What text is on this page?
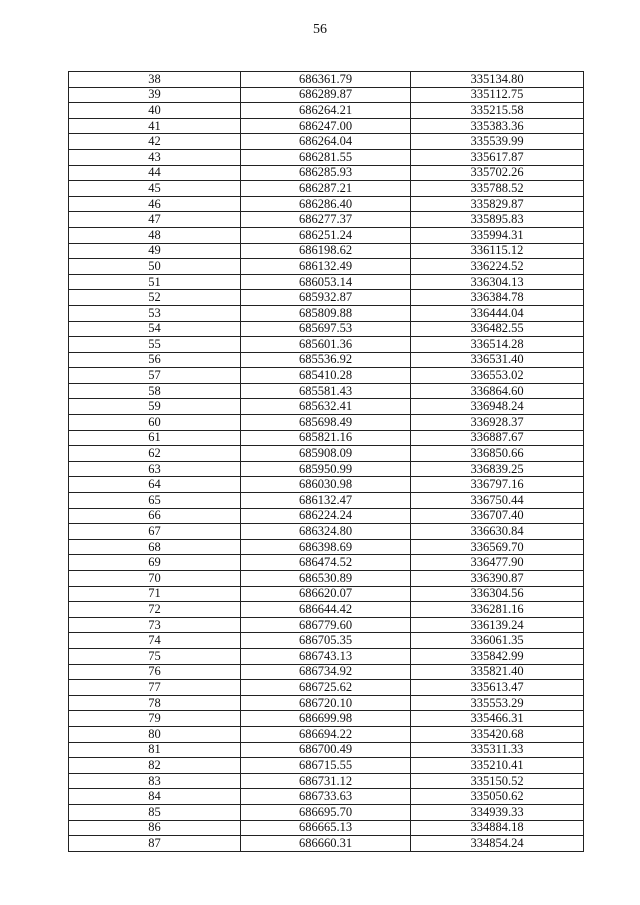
56
38	686361.79	335134.80
39	686289.87	335112.75
40	686264.21	335215.58
41	686247.00	335383.36
42	686264.04	335539.99
43	686281.55	335617.87
44	686285.93	335702.26
45	686287.21	335788.52
46	686286.40	335829.87
47	686277.37	335895.83
48	686251.24	335994.31
49	686198.62	336115.12
50	686132.49	336224.52
51	686053.14	336304.13
52	685932.87	336384.78
53	685809.88	336444.04
54	685697.53	336482.55
55	685601.36	336514.28
56	685536.92	336531.40
57	685410.28	336553.02
58	685581.43	336864.60
59	685632.41	336948.24
60	685698.49	336928.37
61	685821.16	336887.67
62	685908.09	336850.66
63	685950.99	336839.25
64	686030.98	336797.16
65	686132.47	336750.44
66	686224.24	336707.40
67	686324.80	336630.84
68	686398.69	336569.70
69	686474.52	336477.90
70	686530.89	336390.87
71	686620.07	336304.56
72	686644.42	336281.16
73	686779.60	336139.24
74	686705.35	336061.35
75	686743.13	335842.99
76	686734.92	335821.40
77	686725.62	335613.47
78	686720.10	335553.29
79	686699.98	335466.31
80	686694.22	335420.68
81	686700.49	335311.33
82	686715.55	335210.41
83	686731.12	335150.52
84	686733.63	335050.62
85	686695.70	334939.33
86	686665.13	334884.18
87	686660.31	334854.24
